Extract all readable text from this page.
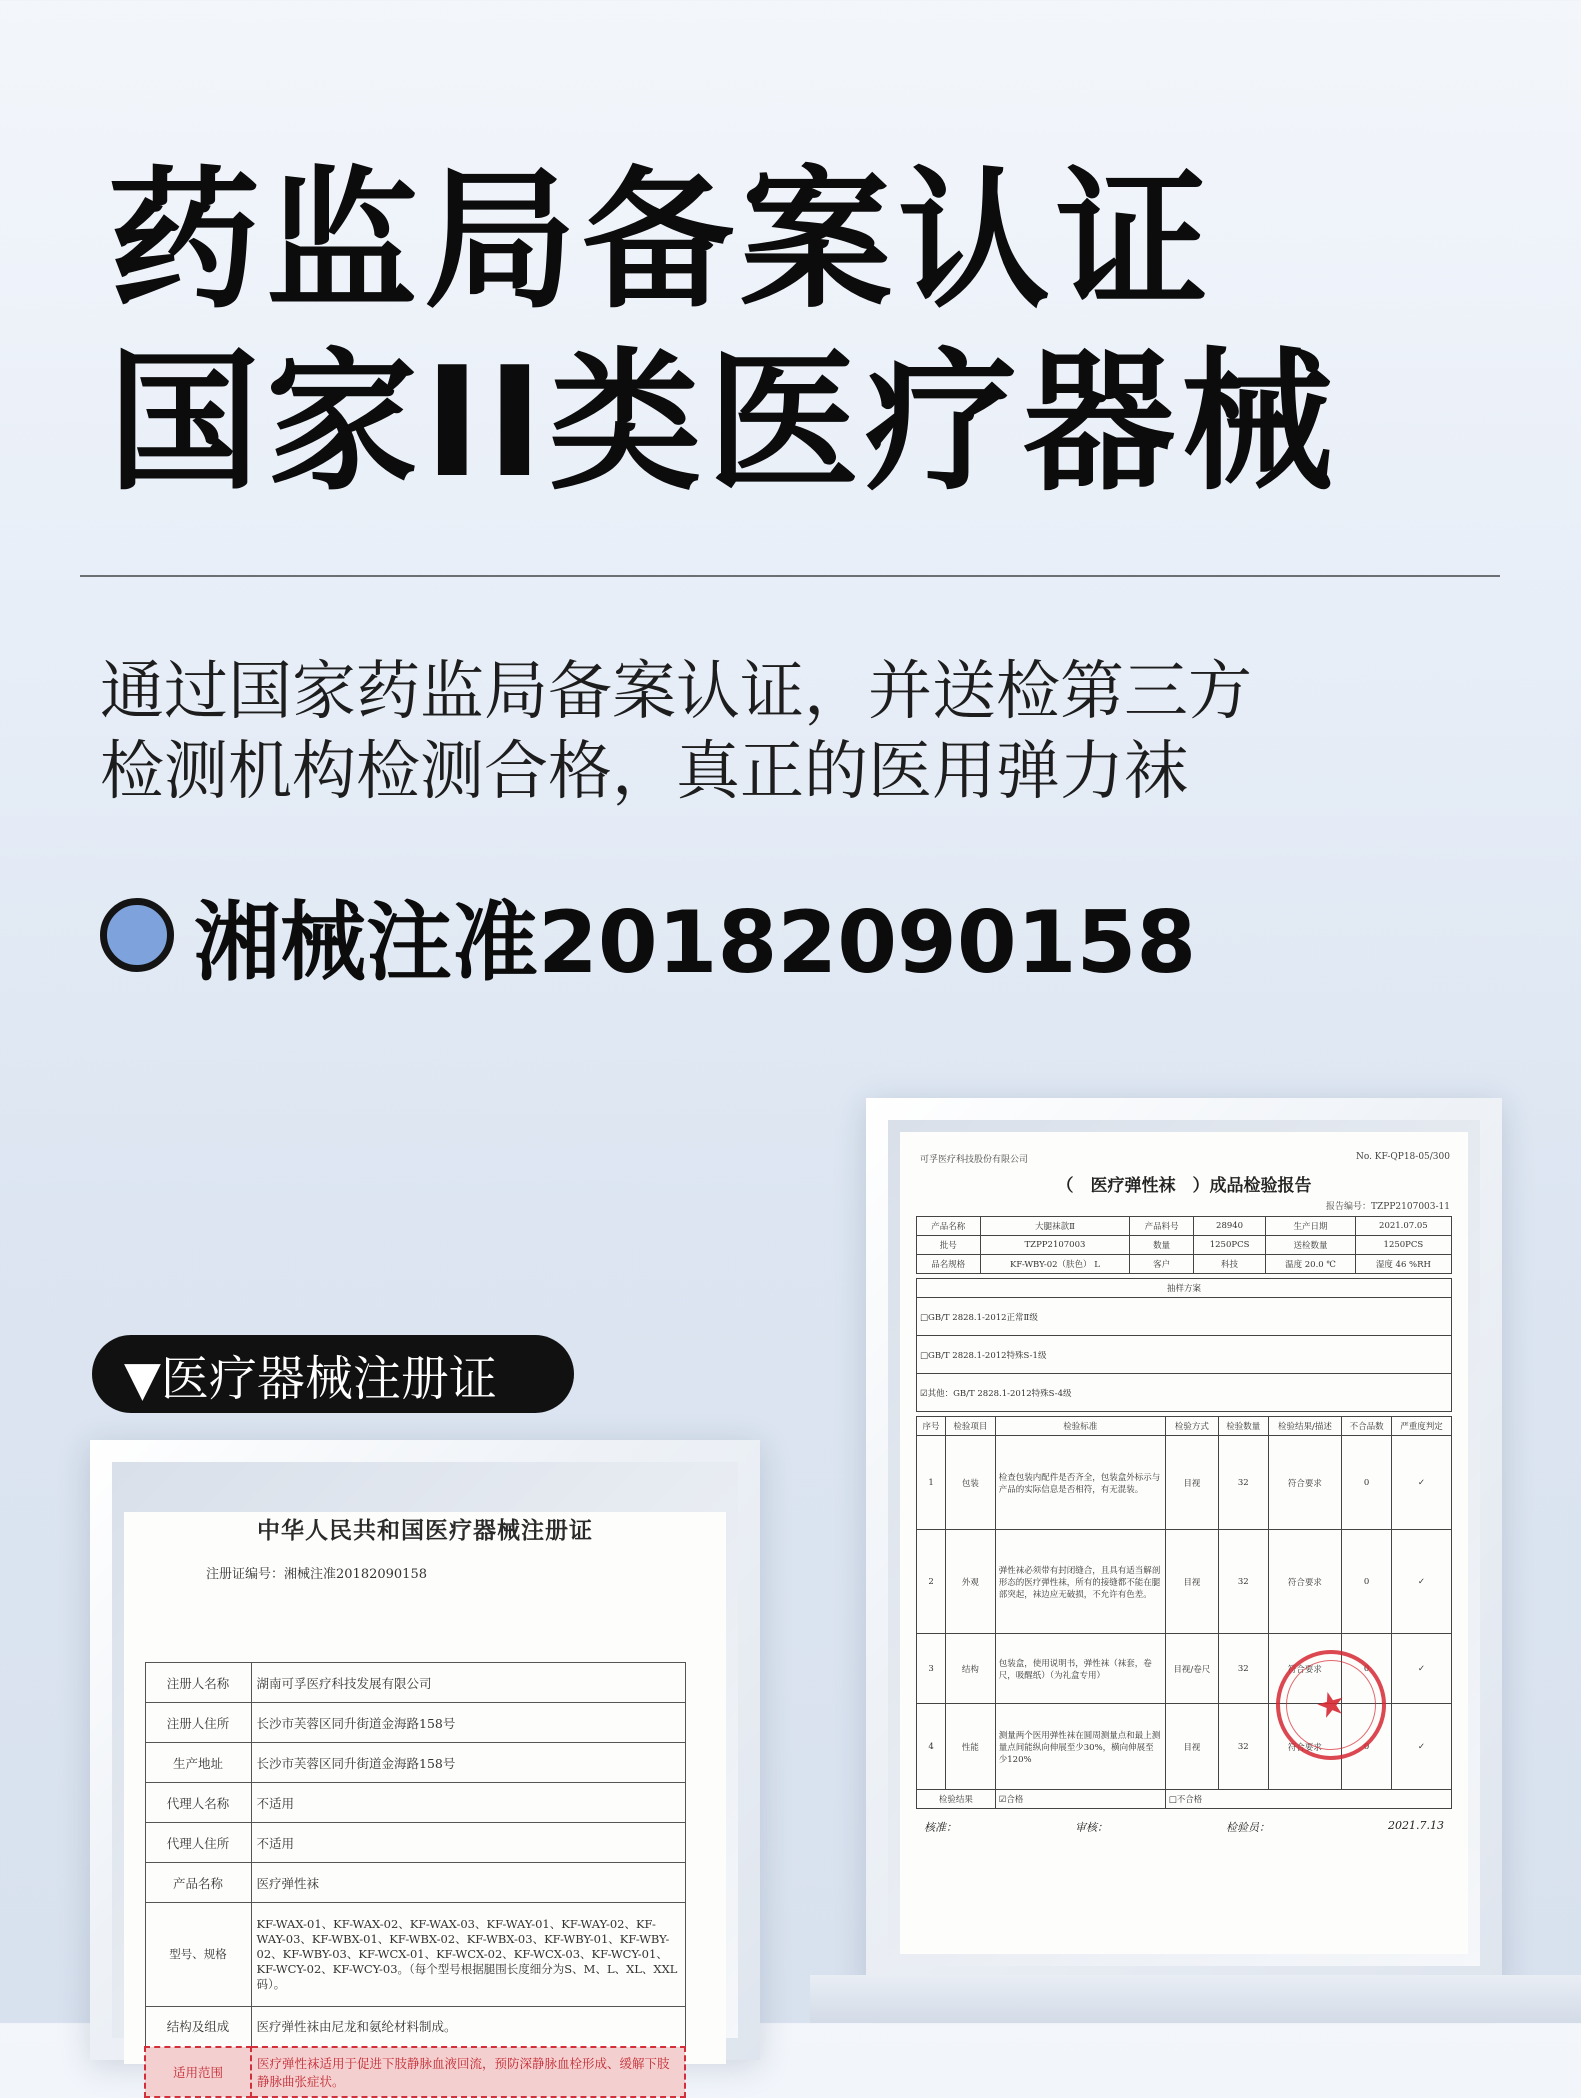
药监局备案认证
国家II类医疗器械
通过国家药监局备案认证，并送检第三方
检测机构检测合格，真正的医用弹力袜
湘械注准20182090158
▼医疗器械注册证
中华人民共和国医疗器械注册证
注册证编号：湘械注准20182090158
注册人名称	湖南可孚医疗科技发展有限公司
注册人住所	长沙市芙蓉区同升街道金海路158号
生产地址	长沙市芙蓉区同升街道金海路158号
代理人名称	不适用
代理人住所	不适用
产品名称	医疗弹性袜
型号、规格	KF-WAX-01、KF-WAX-02、KF-WAX-03、KF-WAY-01、KF-WAY-02、KF-WAY-03、KF-WBX-01、KF-WBX-02、KF-WBX-03、KF-WBY-01、KF-WBY-02、KF-WBY-03、KF-WCX-01、KF-WCX-02、KF-WCX-03、KF-WCY-01、KF-WCY-02、KF-WCY-03。（每个型号根据腿围长度细分为S、M、L、XL、XXL码）。
结构及组成	医疗弹性袜由尼龙和氨纶材料制成。
适用范围	医疗弹性袜适用于促进下肢静脉血液回流，预防深静脉血栓形成、缓解下肢静脉曲张症状。
可孚医疗科技股份有限公司	No. KF-QP18-05/300
（　医疗弹性袜　）成品检验报告
报告编号：TZPP2107003-11
产品名称	大腿袜款Ⅱ	产品料号	28940	生产日期	2021.07.05
批号	TZPP2107003	数量	1250PCS	送检数量	1250PCS
品名规格	KF-WBY-02（肤色） L	客户	科技	温度 20.0 ℃	湿度 46 %RH
抽样方案
□GB/T 2828.1-2012正常Ⅱ级
□GB/T 2828.1-2012特殊S-1级
☑其他：GB/T 2828.1-2012特殊S-4级
序号	检验项目	检验标准	检验方式	检验数量	检验结果/描述	不合品数	严重度判定
1	包装	检查包装内配件是否齐全，包装盒外标示与产品的实际信息是否相符，有无混装。	目视	32	符合要求	0	✓
2	外观	弹性袜必须带有封闭缝合，且具有适当解剖形态的医疗弹性袜，所有的接缝都不能在腿部突起，袜边应无破损，不允许有色差。	目视	32	符合要求	0	✓
3	结构	包装盒，使用说明书，弹性袜（袜套，卷尺，吸醒纸）（为礼盒专用）	目视/卷尺	32	符合要求	0	✓
4	性能	测量两个医用弹性袜在圆周测量点和最上测量点间能纵向伸展至少30%，横向伸展至少120%	目视	32	符合要求	0	✓
检验结果		☑合格	□不合格				
核准：	审核：	检验员：	2021.7.13
★
